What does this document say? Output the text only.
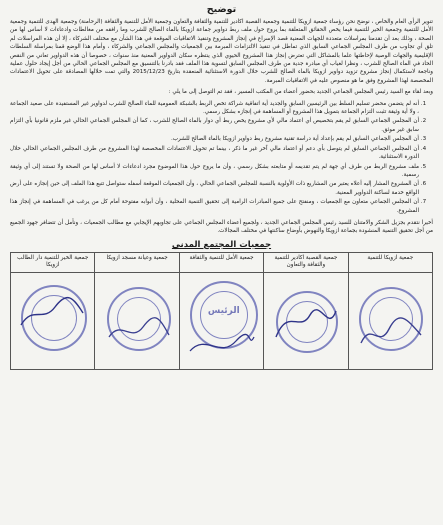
توضيح

تنوير الرأي العام والخاص ، نوضح نحن رؤساء جمعية ازويكا للتنمية وجمعية القصبة اكادير للتنمية والثقافة والتعاون وجمعية الأمل للتنمية والثقافة (الرحامنة) وجمعية الهدى للتنمية وجمعية الأمل للتنمية وجمعية الخير للتنمية فيما يخص الحقائق المتعلقة بما يروج حول ملف ربط دواوير جماعة ازويكا بالماء الصالح للشرب وما رافقه من مغالطات وادعاءات لا أساس لها من الصحة ، وذلك بعد أن تقدمنا بمراسلات متعددة للجهات المعنية قصد الإسراع في إنجاز المشروع وتنفيذ الاتفاقيات الموقعة في هذا الشأن مع مختلف الشركاء ، إلا أن هذه المراسلات لم تلق أي تجاوب من طرف المجلس الجماعي السابق الذي تماطل في تنفيذ الالتزامات المبرمة بين الجمعيات والمجلس الجماعي والشركاء ، وأمام هذا الوضع قمنا بمراسلة السلطات الإقليمية والجهات الوصية لإحاطتها علما بالمشاكل التي تعترض إنجاز هذا المشروع الحيوي الذي ينتظره سكان الدواوير المعنية منذ سنوات ، خصوصا أن هذه الدواوير تعاني من النقص الحاد في الماء الصالح للشرب ، ونظرا لغياب أي مبادرة جدية من طرف المجلس السابق لتسوية هذا الملف فقد بادرنا بالتنسيق مع المجلس الجماعي الحالي من أجل إيجاد حلول عملية وناجعة لاستكمال إنجاز مشروع تزويد دواوير ازويكا بالماء الصالح للشرب خلال الدورة الاستثنائية المنعقدة بتاريخ 2015/12/23 والتي تمت خلالها المصادقة على تحويل الاعتمادات المخصصة لهذا المشروع وفق ما هو منصوص عليه في الاتفاقيات المبرمة.

وبعد لقاء مع السيد رئيس المجلس الجماعي الجديد بحضور أعضاء من المكتب المسير ، فقد تم التوصل إلى ما يلي :

1. أنه لم يتضمن محضر تسليم السلط بين الرئيسين السابق والجديد أية اتفاقية شراكة تخص الربط بالشبكة العمومية للماء الصالح للشرب لدواوير غير المستفيدة على صعيد الجماعة ، ولا أية وثيقة تثبت التزام الجماعة بتمويل هذا المشروع أو المساهمة في إنجازه بشكل رسمي.
2. أن المجلس الجماعي السابق لم يقم بتخصيص أي اعتماد مالي لأي مشروع يخص ربط أي دوار بالماء الصالح للشرب ، كما أن المجلس الجماعي الحالي غير ملزم قانونيا بأي التزام سابق غير موثق.
3. أن المجلس الجماعي السابق لم يقم بإعداد أية دراسة تقنية مشروع ربط دواوير ازويكا بالماء الصالح للشرب.
4. أن المجلس الجماعي السابق لم يتوصل بأي دعم أو اعتماد مالي آخر غير ما ذكر ، بينما تم تحويل الاعتمادات المخصصة لهذا المشروع من طرف المجلس الجماعي الحالي خلال الدورة الاستثنائية.
5. ملف مشروع الربط من طرف أي جهة لم يتم تقديمه أو متابعته بشكل رسمي ، وأن ما يروج حول هذا الموضوع مجرد ادعاءات لا أساس لها من الصحة ولا تستند إلى أي وثيقة رسمية.
6. أن المشروع المشار إليه أعلاه يعتبر من المشاريع ذات الأولوية بالنسبة للمجلس الجماعي الحالي ، وأن الجمعيات الموقعة أسفله ستواصل تتبع هذا الملف إلى حين إنجازه على أرض الواقع خدمة لساكنة الدواوير المعنية.
7. أن المجلس الجماعي متعاون مع الجمعيات ، ومنفتح على جميع المبادرات الرامية إلى تحقيق التنمية المحلية ، وأن أبوابه مفتوحة أمام كل من يرغب في المساهمة في إنجاز هذا المشروع.

أخيرا نتقدم بجزيل الشكر والامتنان للسيد رئيس المجلس الجماعي الجديد ، ولجميع أعضاء المجلس الجماعي على تجاوبهم الإيجابي مع مطالب الجمعيات ، ونأمل أن تتضافر جهود الجميع من أجل تحقيق التنمية المنشودة بجماعة ازويكا والنهوض بأوضاع ساكنتها في مختلف المجالات.

جمعيات المجتمع المدني
جمعية ازويكا للتنمية	جمعية القصبة اكادير للتنمية والثقافة والتعاون	جمعية الأمل للتنمية والثقافة	جمعية وعيانة مسجد ازويكا	جمعية الخير للتنمية دار الطالب ازويكا

الرئيس
